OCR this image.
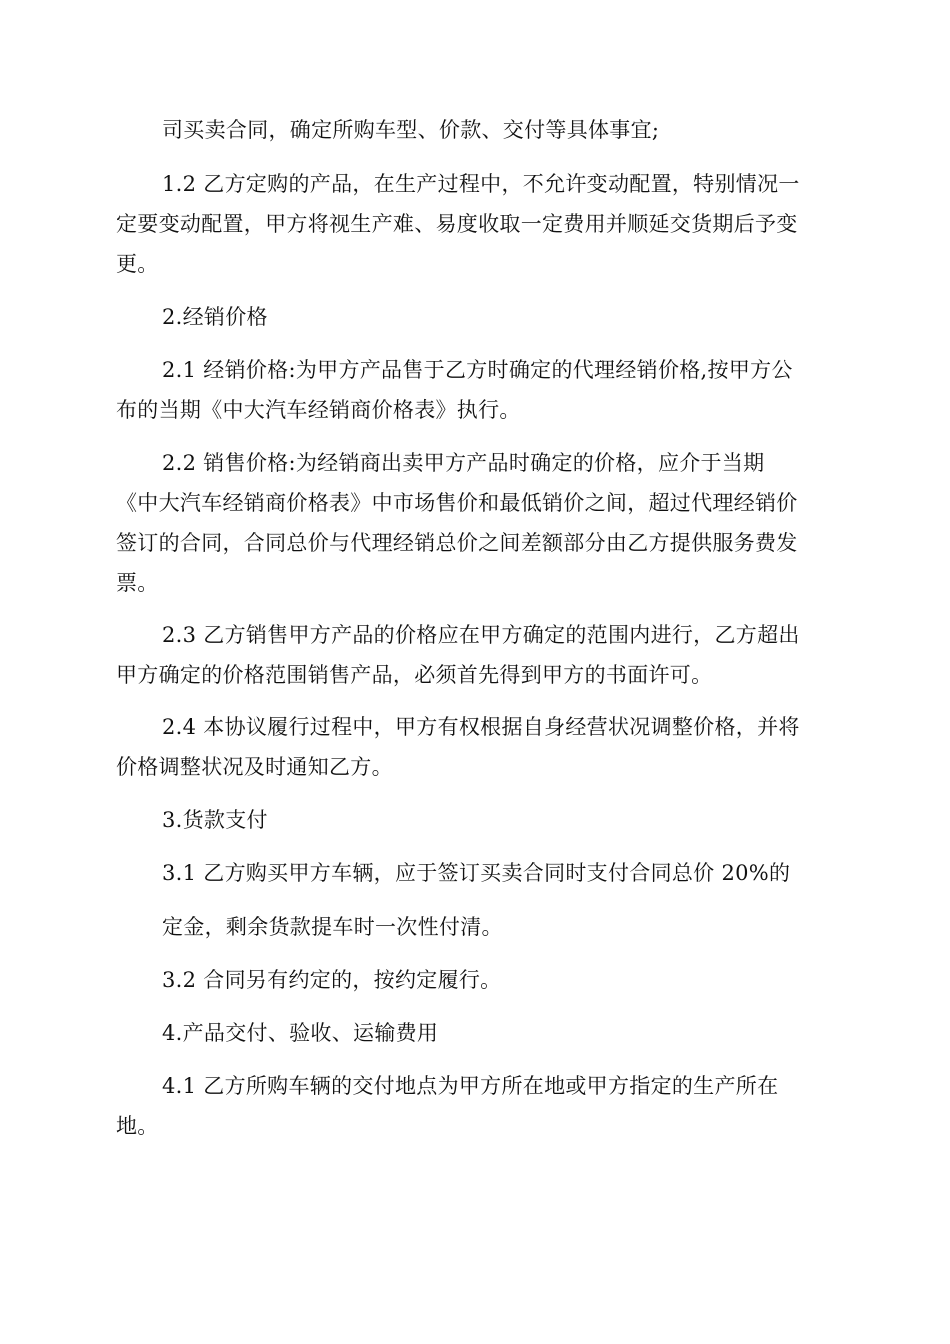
司买卖合同，确定所购车型、价款、交付等具体事宜;
1.2 乙方定购的产品，在生产过程中，不允许变动配置，特别情况一
定要变动配置，甲方将视生产难、易度收取一定费用并顺延交货期后予变
更。
2.经销价格
2.1 经销价格:为甲方产品售于乙方时确定的代理经销价格,按甲方公
布的当期《中大汽车经销商价格表》执行。
2.2 销售价格:为经销商出卖甲方产品时确定的价格，应介于当期
《中大汽车经销商价格表》中市场售价和最低销价之间，超过代理经销价
签订的合同，合同总价与代理经销总价之间差额部分由乙方提供服务费发
票。
2.3 乙方销售甲方产品的价格应在甲方确定的范围内进行，乙方超出
甲方确定的价格范围销售产品，必须首先得到甲方的书面许可。
2.4 本协议履行过程中，甲方有权根据自身经营状况调整价格，并将
价格调整状况及时通知乙方。
3.货款支付
3.1 乙方购买甲方车辆，应于签订买卖合同时支付合同总价 20%的
定金，剩余货款提车时一次性付清。
3.2 合同另有约定的，按约定履行。
4.产品交付、验收、运输费用
4.1 乙方所购车辆的交付地点为甲方所在地或甲方指定的生产所在
地。
